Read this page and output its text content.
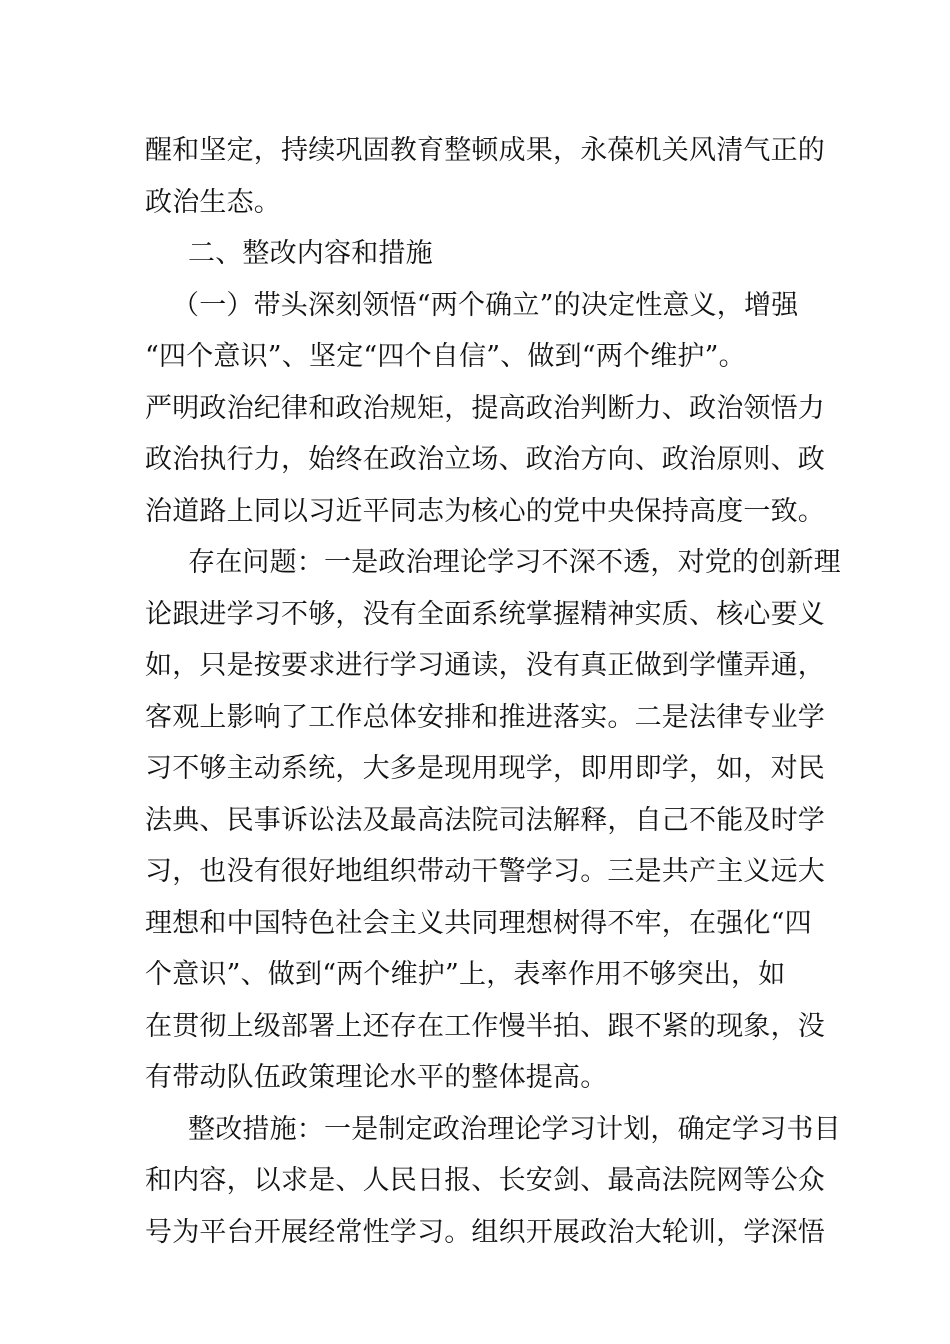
醒和坚定，持续巩固教育整顿成果，永葆机关风清气正的
政治生态。
二、整改内容和措施
（一）带头深刻领悟“两个确立”的决定性意义，增强
“四个意识”、坚定“四个自信”、做到“两个维护”。
严明政治纪律和政治规矩，提高政治判断力、政治领悟力
政治执行力，始终在政治立场、政治方向、政治原则、政
治道路上同以习近平同志为核心的党中央保持高度一致。
存在问题：一是政治理论学习不深不透，对党的创新理
论跟进学习不够，没有全面系统掌握精神实质、核心要义
如，只是按要求进行学习通读，没有真正做到学懂弄通，
客观上影响了工作总体安排和推进落实。二是法律专业学
习不够主动系统，大多是现用现学，即用即学，如，对民
法典、民事诉讼法及最高法院司法解释，自己不能及时学
习，也没有很好地组织带动干警学习。三是共产主义远大
理想和中国特色社会主义共同理想树得不牢，在强化“四
个意识”、做到“两个维护”上，表率作用不够突出，如
在贯彻上级部署上还存在工作慢半拍、跟不紧的现象，没
有带动队伍政策理论水平的整体提高。
整改措施：一是制定政治理论学习计划，确定学习书目
和内容，以求是、人民日报、长安剑、最高法院网等公众
号为平台开展经常性学习。组织开展政治大轮训，学深悟
